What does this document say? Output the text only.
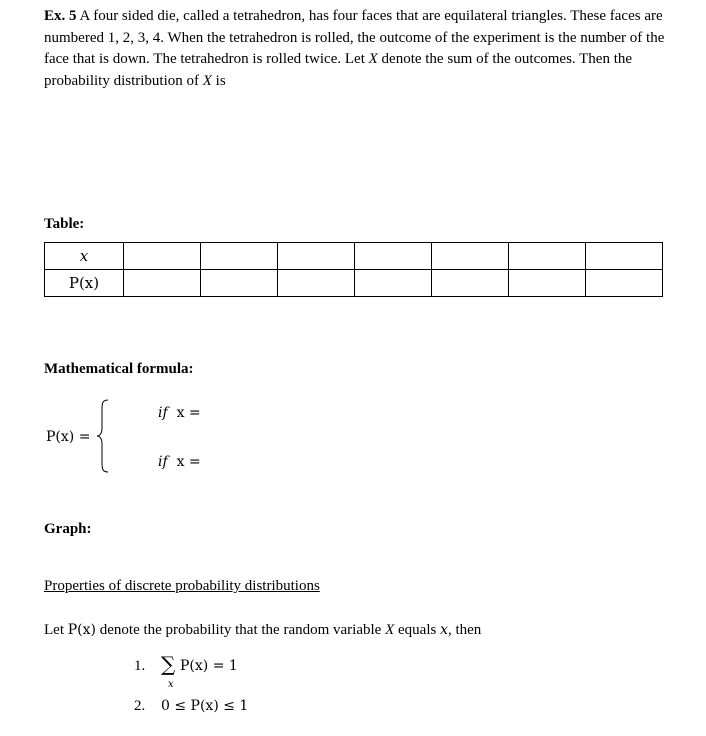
Ex. 5 A four sided die, called a tetrahedron, has four faces that are equilateral triangles. These faces are numbered 1, 2, 3, 4. When the tetrahedron is rolled, the outcome of the experiment is the number of the face that is down. The tetrahedron is rolled twice. Let X denote the sum of the outcomes. Then the probability distribution of X is
Table:
x							
P(x)							
Mathematical formula:
P(x) =
if x =
if x =
Graph:
Properties of discrete probability distributions
Let P(x) denote the probability that the random variable X equals x, then
1. ∑ P(x) = 1
x
2. 0 ≤ P(x) ≤ 1
